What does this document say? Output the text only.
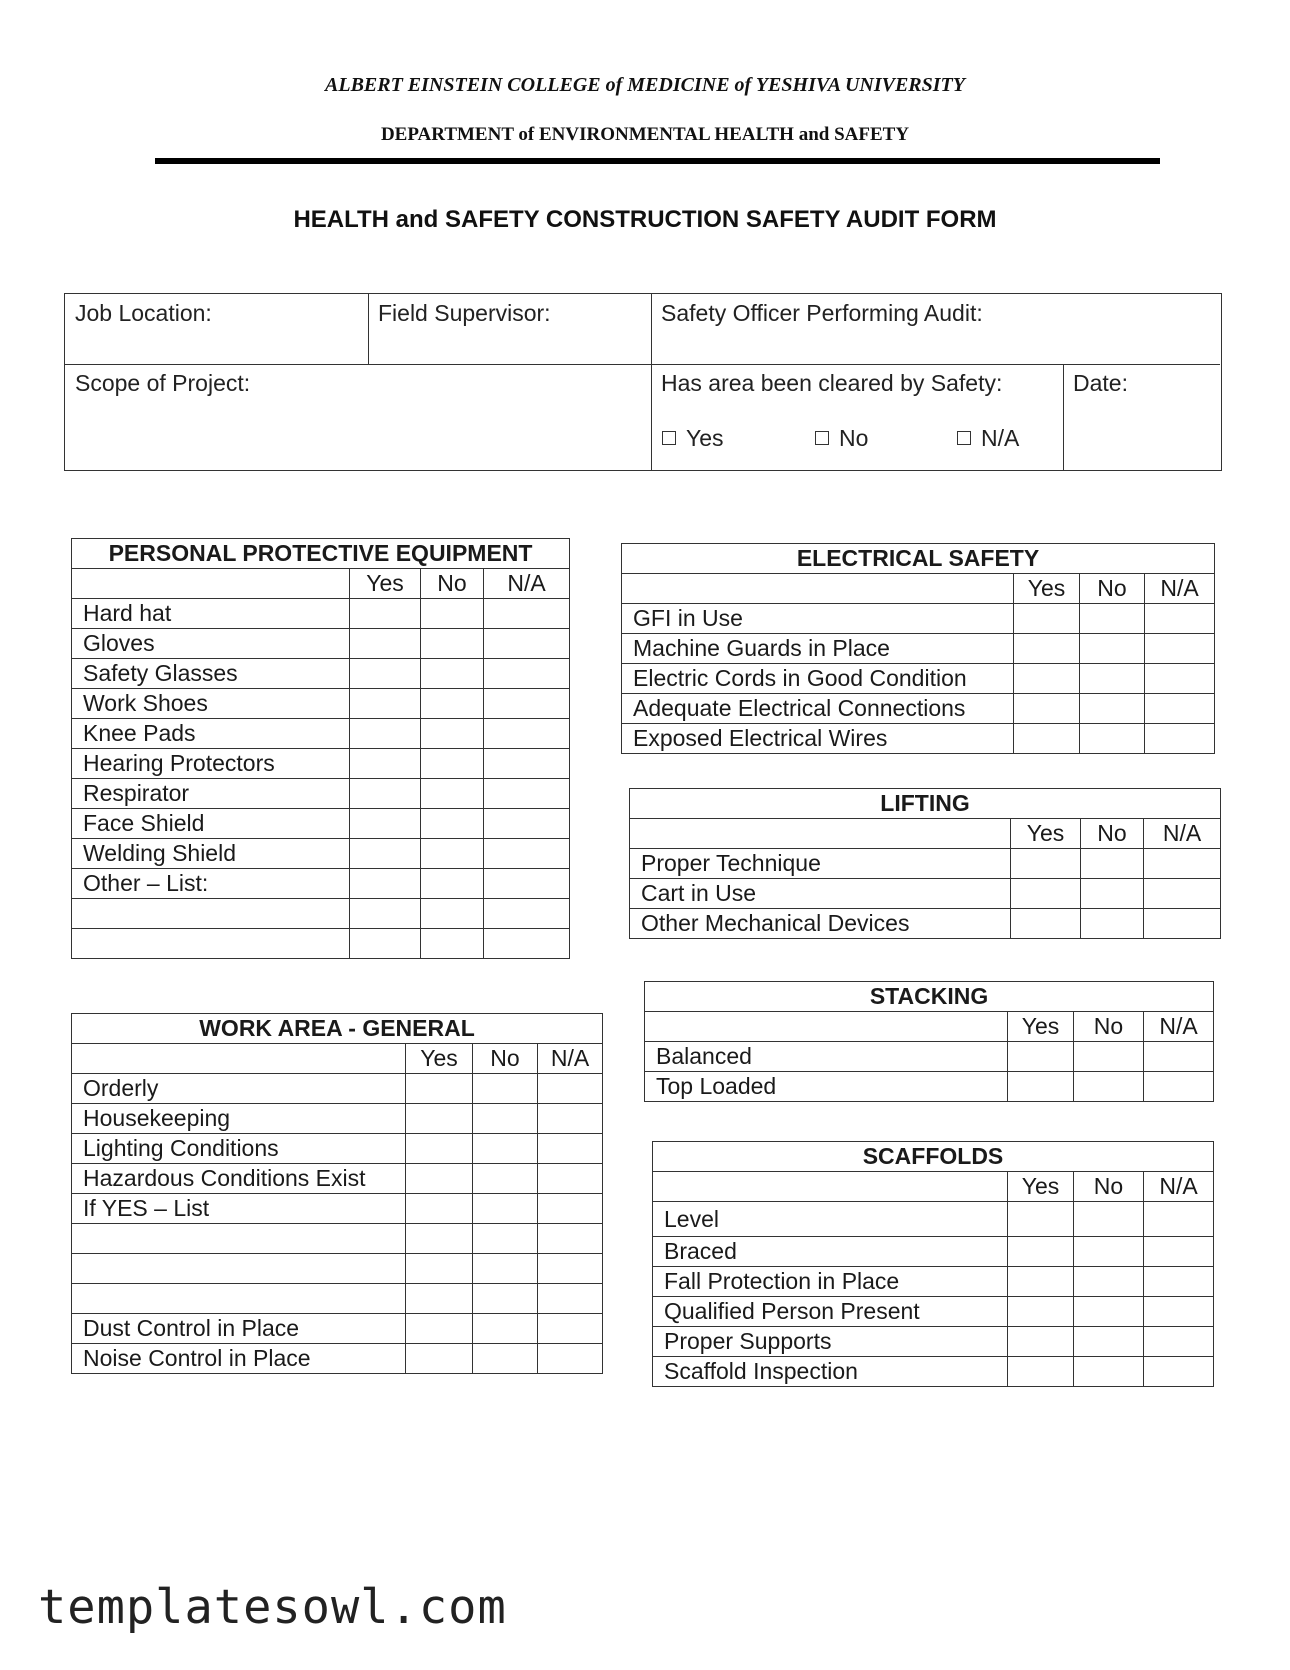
ALBERT EINSTEIN COLLEGE of MEDICINE of YESHIVA UNIVERSITY
DEPARTMENT of ENVIRONMENTAL HEALTH and SAFETY
HEALTH and SAFETY CONSTRUCTION SAFETY AUDIT FORM
Job Location:	Field Supervisor:	Safety Officer Performing Audit:
Scope of Project:	Has area been cleared by Safety:	Date:
Yes	No	N/A
PERSONAL PROTECTIVE EQUIPMENT			
	Yes	No	N/A
Hard hat			
Gloves			
Safety Glasses			
Work Shoes			
Knee Pads			
Hearing Protectors			
Respirator			
Face Shield			
Welding Shield			
Other – List:			

ELECTRICAL SAFETY			
	Yes	No	N/A
GFI in Use			
Machine Guards in Place			
Electric Cords in Good Condition			
Adequate Electrical Connections			
Exposed Electrical Wires			
LIFTING			
	Yes	No	N/A
Proper Technique			
Cart in Use			
Other Mechanical Devices			
WORK AREA - GENERAL			
	Yes	No	N/A
Orderly			
Housekeeping			
Lighting Conditions			
Hazardous Conditions Exist			
If YES – List			

Dust Control in Place			
Noise Control in Place			
STACKING			
	Yes	No	N/A
Balanced			
Top Loaded			
SCAFFOLDS			
	Yes	No	N/A
Level			
Braced			
Fall Protection in Place			
Qualified Person Present			
Proper Supports			
Scaffold Inspection			
templatesowl.com
